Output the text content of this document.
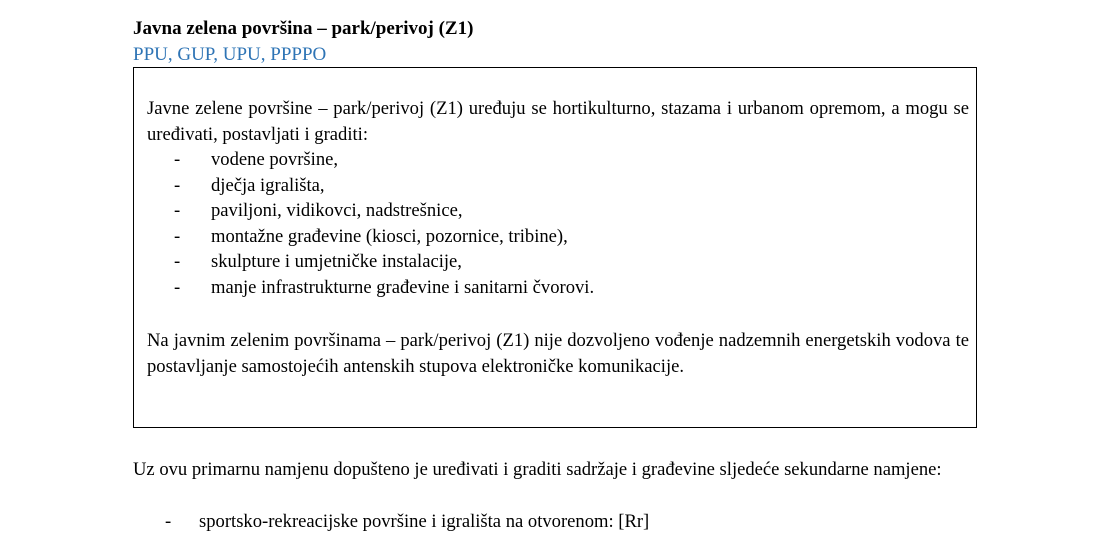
Javna zelena površina – park/perivoj (Z1)
PPU, GUP, UPU, PPPPO
Javne zelene površine – park/perivoj (Z1) uređuju se hortikulturno, stazama i urbanom opremom, a mogu se uređivati, postavljati i graditi:
- vodene površine,
- dječja igrališta,
- paviljoni, vidikovci, nadstrešnice,
- montažne građevine (kiosci, pozornice, tribine),
- skulpture i umjetničke instalacije,
- manje infrastrukturne građevine i sanitarni čvorovi.
Na javnim zelenim površinama – park/perivoj (Z1) nije dozvoljeno vođenje nadzemnih energetskih vodova te postavljanje samostojećih antenskih stupova elektroničke komunikacije.
Uz ovu primarnu namjenu dopušteno je uređivati i graditi sadržaje i građevine sljedeće sekundarne namjene:
- sportsko-rekreacijske površine i igrališta na otvorenom: [Rr]
